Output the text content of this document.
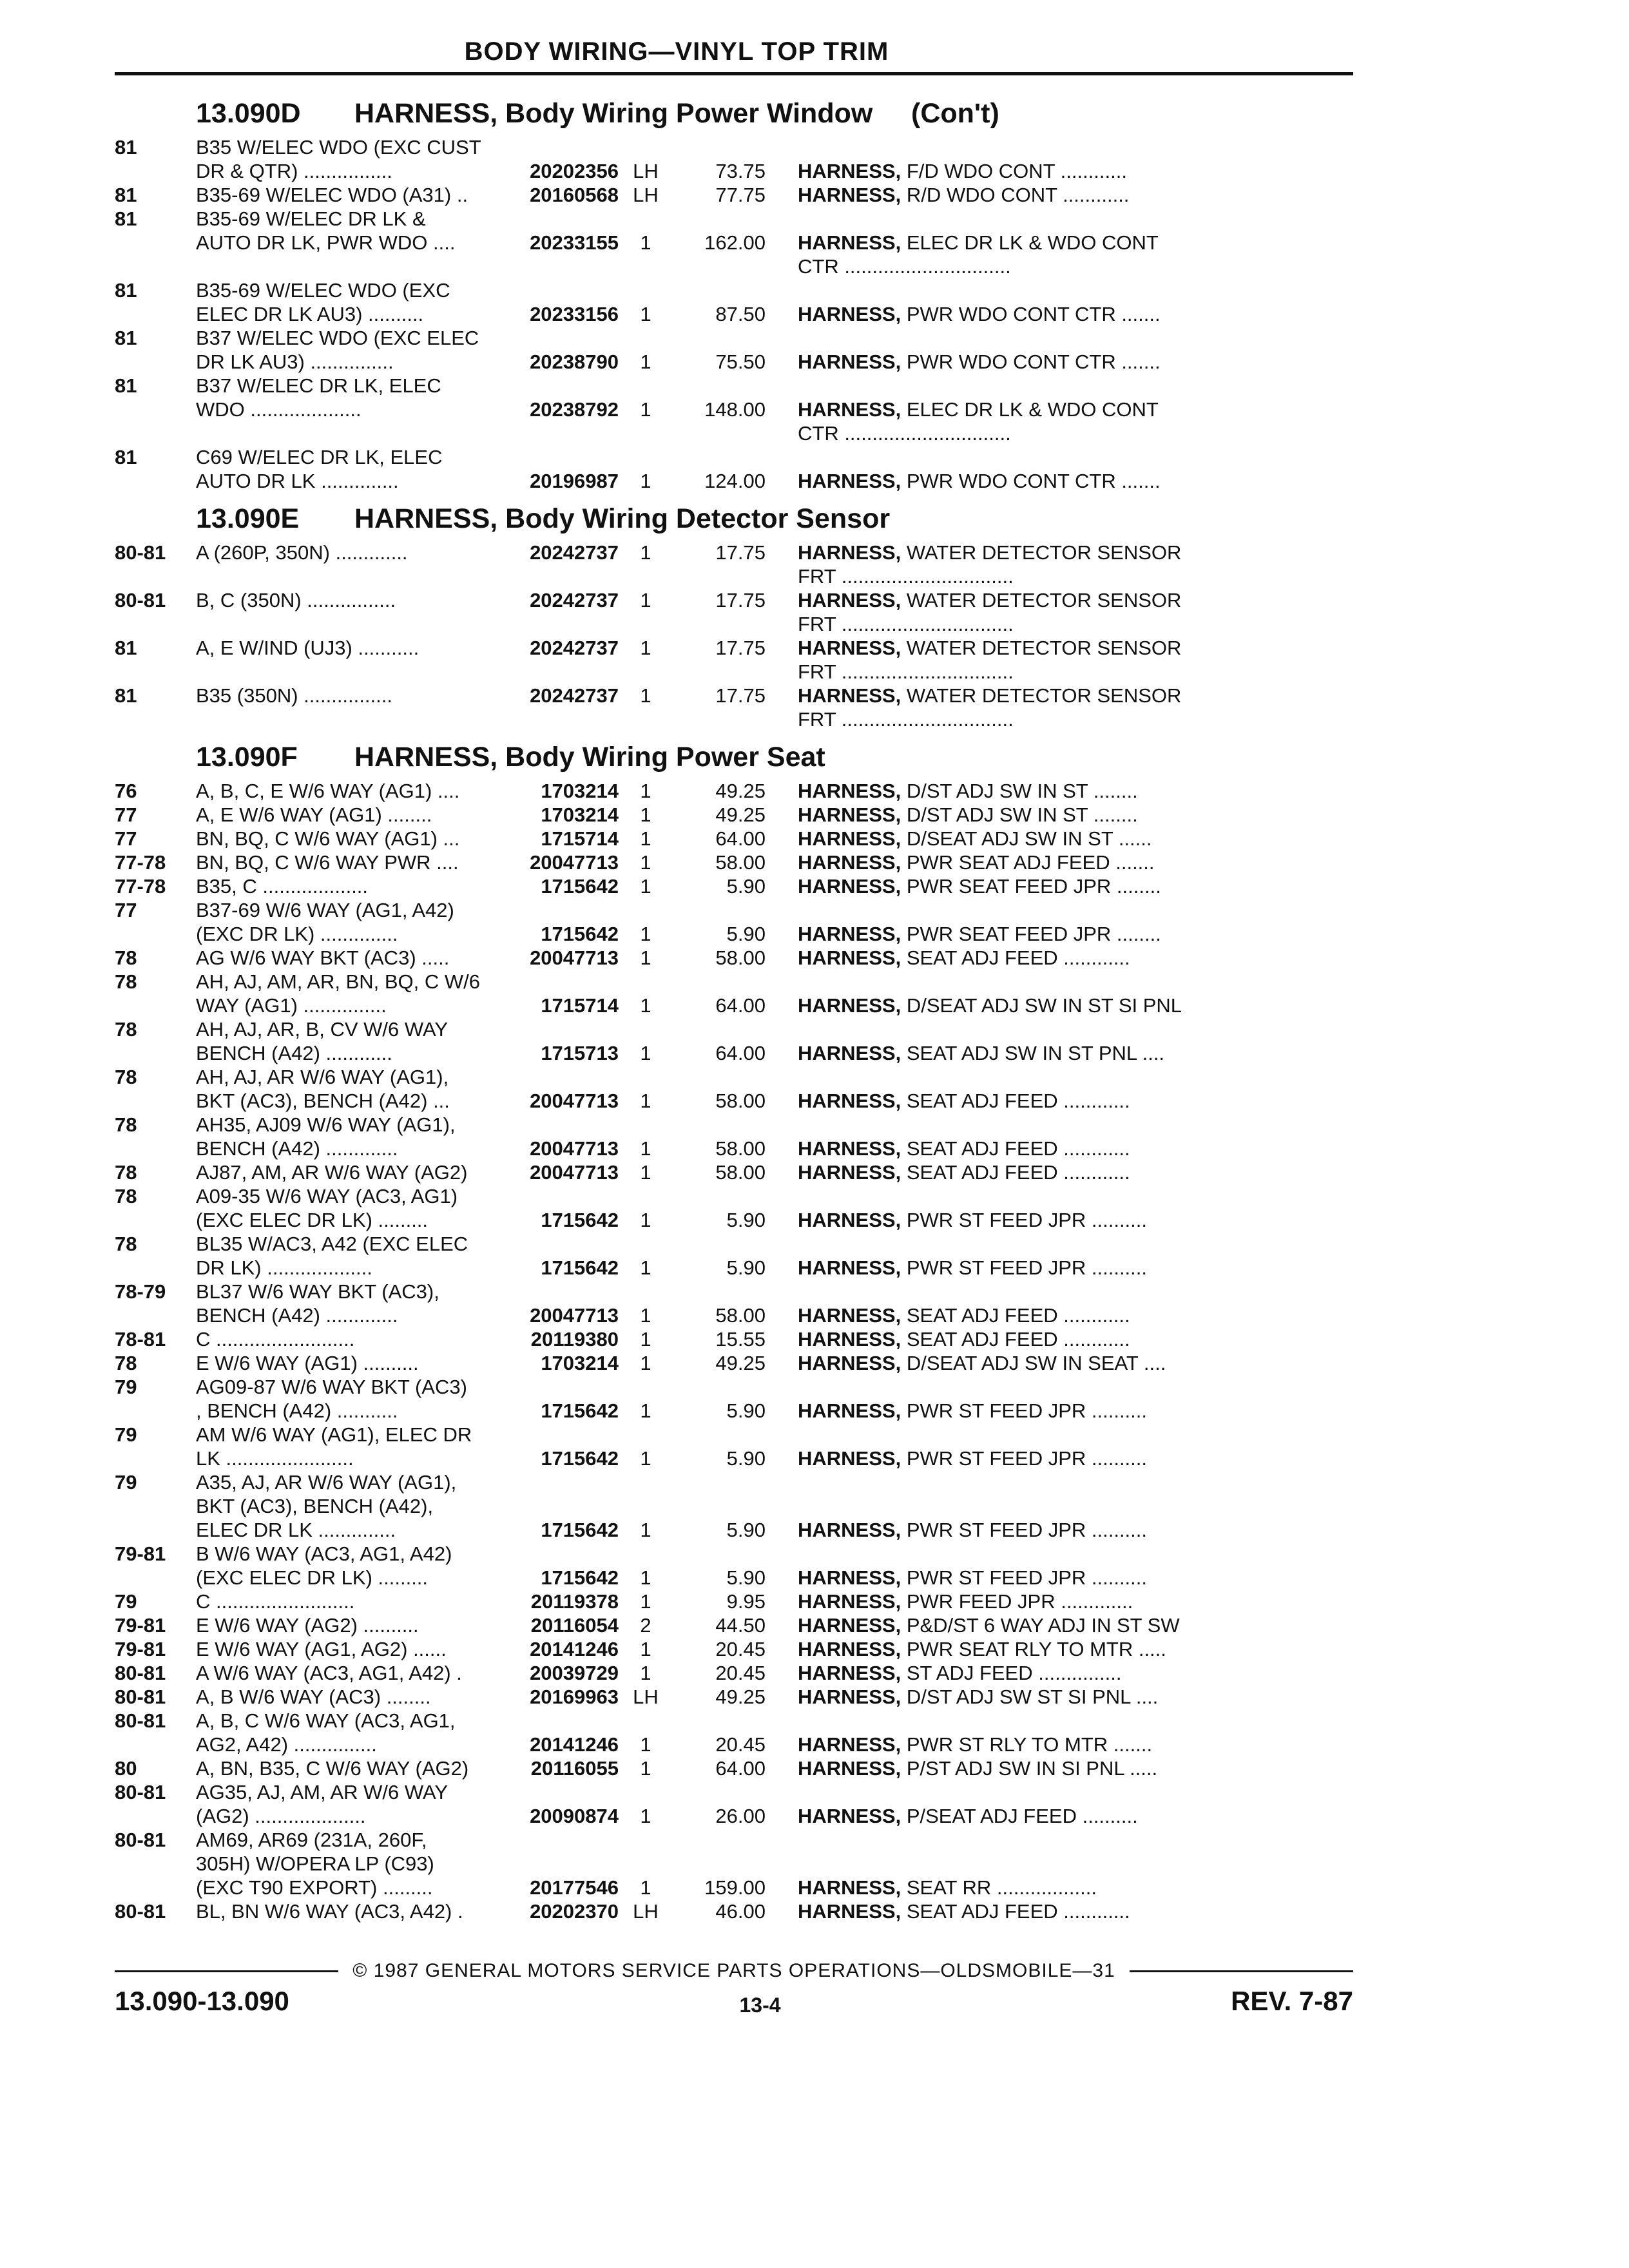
BODY WIRING—VINYL TOP TRIM
13.090D	HARNESS, Body Wiring Power Window     (Con't)
81	B35 W/ELEC WDO (EXC CUST
DR & QTR) ................	20202356 LH	73.75	HARNESS, F/D WDO CONT ............
81	B35-69 W/ELEC WDO (A31) ..	20160568 LH	77.75	HARNESS, R/D WDO CONT ............
81	B35-69 W/ELEC DR LK &
AUTO DR LK, PWR WDO ....	20233155	1	162.00	HARNESS, ELEC DR LK & WDO CONT
CTR ..............................
81	B35-69 W/ELEC WDO (EXC
ELEC DR LK AU3) ..........	20233156	1	87.50	HARNESS, PWR WDO CONT CTR .......
81	B37 W/ELEC WDO (EXC ELEC
DR LK AU3) ...............	20238790	1	75.50	HARNESS, PWR WDO CONT CTR .......
81	B37 W/ELEC DR LK, ELEC
WDO ....................	20238792	1	148.00	HARNESS, ELEC DR LK & WDO CONT
CTR ..............................
81	C69 W/ELEC DR LK, ELEC
AUTO DR LK ..............	20196987	1	124.00	HARNESS, PWR WDO CONT CTR .......
13.090E	HARNESS, Body Wiring Detector Sensor
80-81	A (260P, 350N) .............	20242737	1	17.75	HARNESS, WATER DETECTOR SENSOR
FRT ...............................
80-81	B, C (350N) ................	20242737	1	17.75	HARNESS, WATER DETECTOR SENSOR
FRT ...............................
81	A, E W/IND (UJ3) ...........	20242737	1	17.75	HARNESS, WATER DETECTOR SENSOR
FRT ...............................
81	B35 (350N) ................	20242737	1	17.75	HARNESS, WATER DETECTOR SENSOR
FRT ...............................
13.090F	HARNESS, Body Wiring Power Seat
76	A, B, C, E W/6 WAY (AG1) ....	1703214	1	49.25	HARNESS, D/ST ADJ SW IN ST ........
77	A, E W/6 WAY (AG1) ........	1703214	1	49.25	HARNESS, D/ST ADJ SW IN ST ........
77	BN, BQ, C W/6 WAY (AG1) ...	1715714	1	64.00	HARNESS, D/SEAT ADJ SW IN ST ......
77-78	BN, BQ, C W/6 WAY PWR ....	20047713	1	58.00	HARNESS, PWR SEAT ADJ FEED .......
77-78	B35, C ...................	1715642	1	5.90	HARNESS, PWR SEAT FEED JPR ........
77	B37-69 W/6 WAY (AG1, A42)
(EXC DR LK) ..............	1715642	1	5.90	HARNESS, PWR SEAT FEED JPR ........
78	AG W/6 WAY BKT (AC3) .....	20047713	1	58.00	HARNESS, SEAT ADJ FEED ............
78	AH, AJ, AM, AR, BN, BQ, C W/6
WAY (AG1) ...............	1715714	1	64.00	HARNESS, D/SEAT ADJ SW IN ST SI PNL
78	AH, AJ, AR, B, CV W/6 WAY
BENCH (A42) ............	1715713	1	64.00	HARNESS, SEAT ADJ SW IN ST PNL ....
78	AH, AJ, AR W/6 WAY (AG1),
BKT (AC3), BENCH (A42) ...	20047713	1	58.00	HARNESS, SEAT ADJ FEED ............
78	AH35, AJ09 W/6 WAY (AG1),
BENCH (A42) .............	20047713	1	58.00	HARNESS, SEAT ADJ FEED ............
78	AJ87, AM, AR W/6 WAY (AG2)	20047713	1	58.00	HARNESS, SEAT ADJ FEED ............
78	A09-35 W/6 WAY (AC3, AG1)
(EXC ELEC DR LK) .........	1715642	1	5.90	HARNESS, PWR ST FEED JPR ..........
78	BL35 W/AC3, A42 (EXC ELEC
DR LK) ...................	1715642	1	5.90	HARNESS, PWR ST FEED JPR ..........
78-79	BL37 W/6 WAY BKT (AC3),
BENCH (A42) .............	20047713	1	58.00	HARNESS, SEAT ADJ FEED ............
78-81	C .........................	20119380	1	15.55	HARNESS, SEAT ADJ FEED ............
78	E W/6 WAY (AG1) ..........	1703214	1	49.25	HARNESS, D/SEAT ADJ SW IN SEAT ....
79	AG09-87 W/6 WAY BKT (AC3)
, BENCH (A42) ...........	1715642	1	5.90	HARNESS, PWR ST FEED JPR ..........
79	AM W/6 WAY (AG1), ELEC DR
LK .......................	1715642	1	5.90	HARNESS, PWR ST FEED JPR ..........
79	A35, AJ, AR W/6 WAY (AG1),
BKT (AC3), BENCH (A42),
ELEC DR LK ..............	1715642	1	5.90	HARNESS, PWR ST FEED JPR ..........
79-81	B W/6 WAY (AC3, AG1, A42)
(EXC ELEC DR LK) .........	1715642	1	5.90	HARNESS, PWR ST FEED JPR ..........
79	C .........................	20119378	1	9.95	HARNESS, PWR FEED JPR .............
79-81	E W/6 WAY (AG2) ..........	20116054	2	44.50	HARNESS, P&D/ST 6 WAY ADJ IN ST SW
79-81	E W/6 WAY (AG1, AG2) ......	20141246	1	20.45	HARNESS, PWR SEAT RLY TO MTR .....
80-81	A W/6 WAY (AC3, AG1, A42) .	20039729	1	20.45	HARNESS, ST ADJ FEED ...............
80-81	A, B W/6 WAY (AC3) ........	20169963 LH	49.25	HARNESS, D/ST ADJ SW ST SI PNL ....
80-81	A, B, C W/6 WAY (AC3, AG1,
AG2, A42) ...............	20141246	1	20.45	HARNESS, PWR ST RLY TO MTR .......
80	A, BN, B35, C W/6 WAY (AG2)	20116055	1	64.00	HARNESS, P/ST ADJ SW IN SI PNL .....
80-81	AG35, AJ, AM, AR W/6 WAY
(AG2) ....................	20090874	1	26.00	HARNESS, P/SEAT ADJ FEED ..........
80-81	AM69, AR69 (231A, 260F,
305H) W/OPERA LP (C93)
(EXC T90 EXPORT) .........	20177546	1	159.00	HARNESS, SEAT RR ..................
80-81	BL, BN W/6 WAY (AC3, A42) .	20202370 LH	46.00	HARNESS, SEAT ADJ FEED ............
© 1987 GENERAL MOTORS SERVICE PARTS OPERATIONS—OLDSMOBILE—31
13.090-13.090	13-4	REV. 7-87
